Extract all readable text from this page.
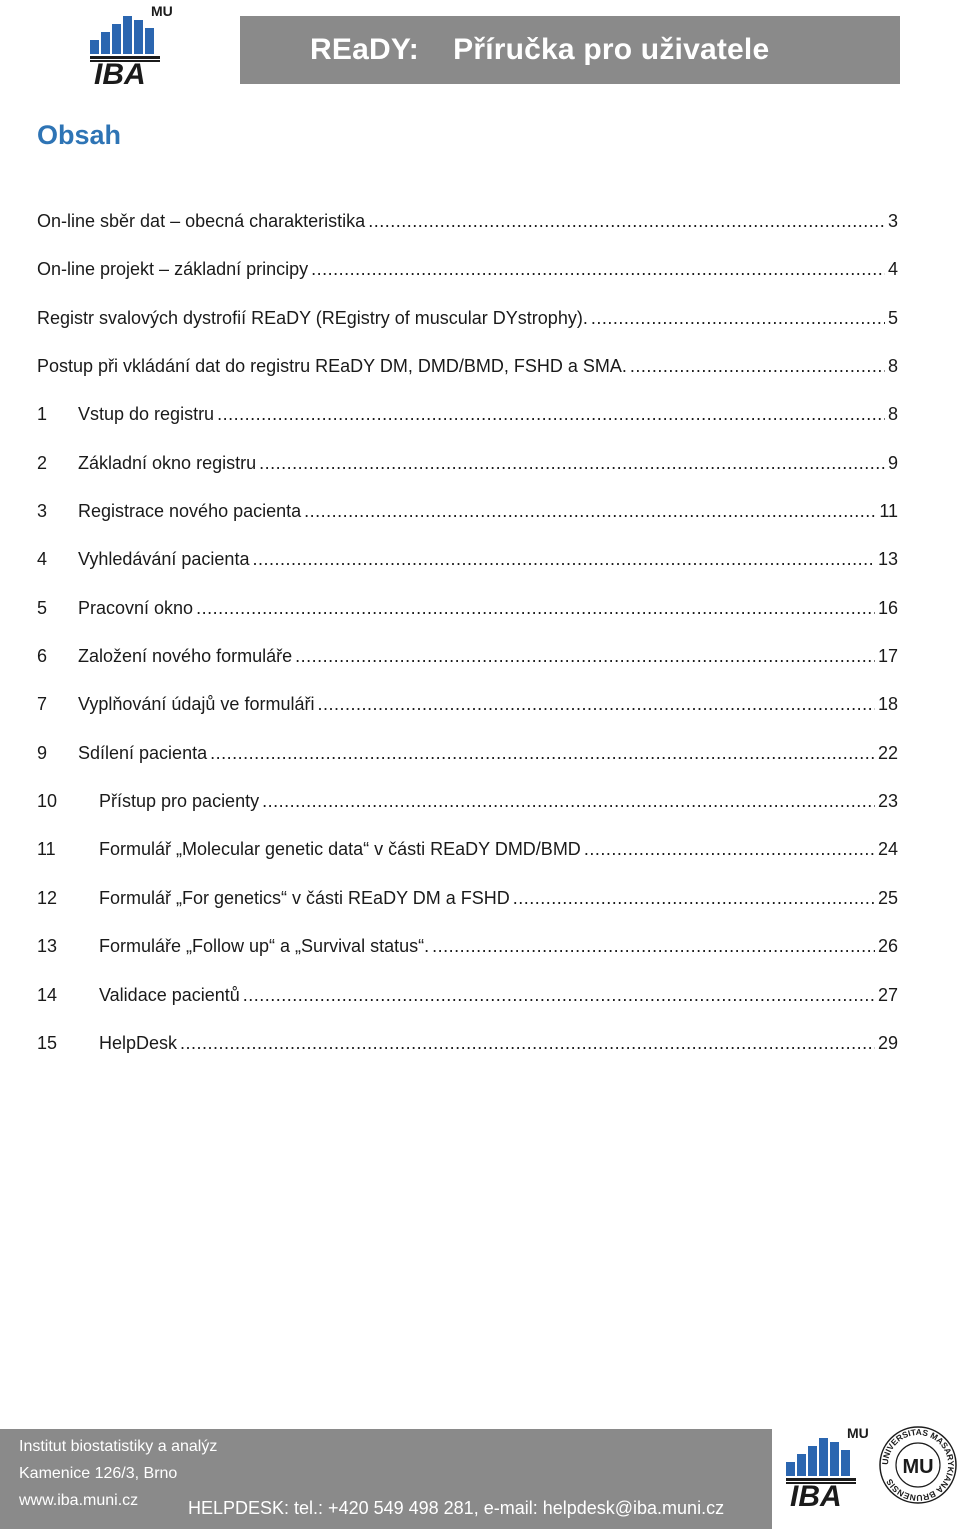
MU
IBA
REaDY:    Příručka pro uživatele
Obsah
On-line sběr dat – obecná charakteristika .....	3
On-line projekt – základní principy .....	4
Registr svalových dystrofií REaDY (REgistry of muscular DYstrophy). .....	5
Postup při vkládání dat do registru REaDY DM, DMD/BMD, FSHD a SMA. .....	8
1	Vstup do registru .....	8
2	Základní okno registru .....	9
3	Registrace nového pacienta .....	11
4	Vyhledávání pacienta .....	13
5	Pracovní okno .....	16
6	Založení nového formuláře .....	17
7	Vyplňování údajů ve formuláři .....	18
9	Sdílení pacienta .....	22
10	Přístup pro pacienty .....	23
11	Formulář „Molecular genetic data“ v části REaDY DMD/BMD .....	24
12	Formulář „For genetics“ v části REaDY DM a FSHD .....	25
13	Formuláře „Follow up“ a „Survival status“. .....	26
14	Validace pacientů .....	27
15	HelpDesk .....	29
Institut biostatistiky a analýz
Kamenice 126/3, Brno
www.iba.muni.cz	HELPDESK: tel.: +420 549 498 281, e-mail: helpdesk@iba.muni.cz
MU
IBA
UNIVERSITAS MASARYKIANA BRUNENSIS
MU
